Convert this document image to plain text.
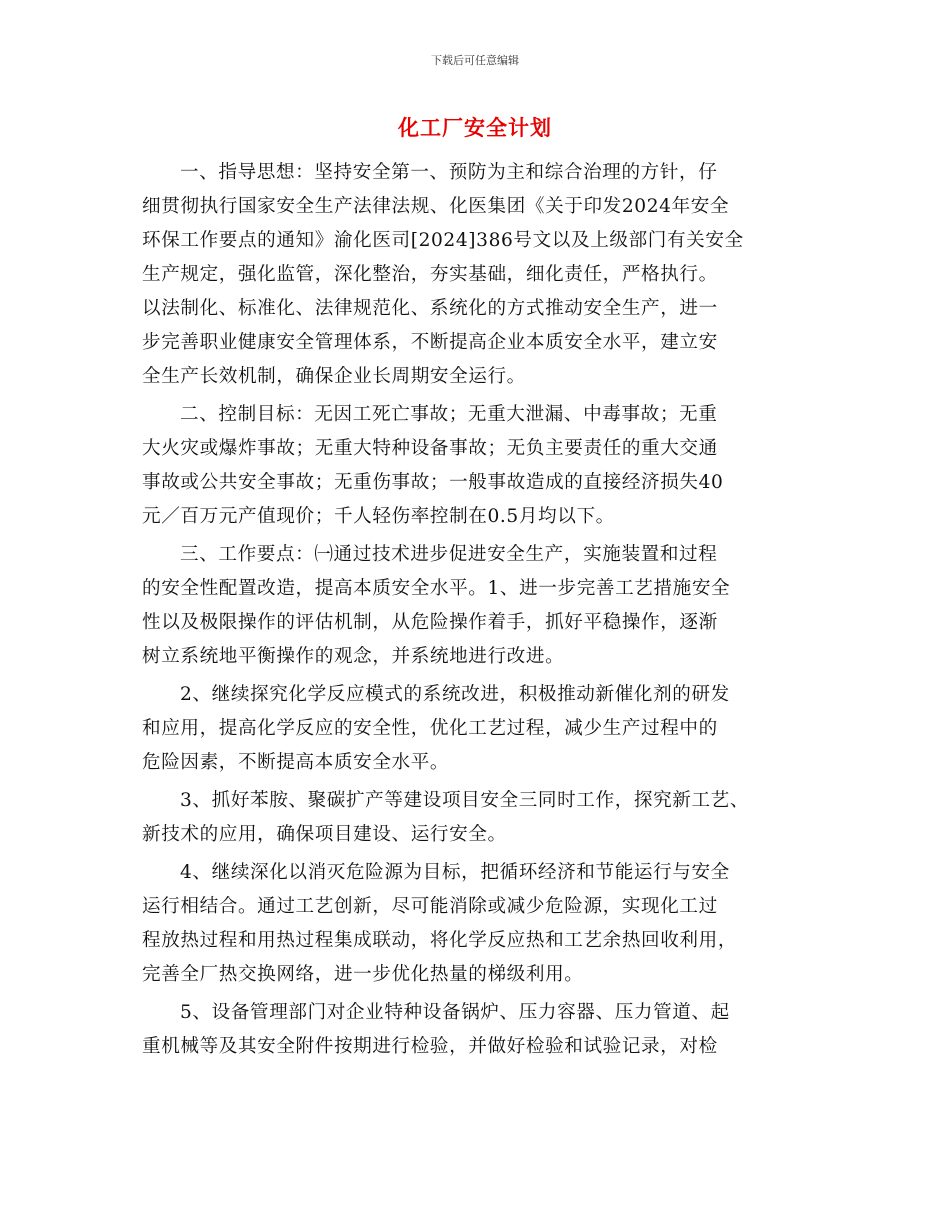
下载后可任意编辑
化工厂安全计划
一、指导思想：坚持安全第一、预防为主和综合治理的方针，仔
细贯彻执行国家安全生产法律法规、化医集团《关于印发2024年安全
环保工作要点的通知》渝化医司[2024]386号文以及上级部门有关安全
生产规定，强化监管，深化整治，夯实基础，细化责任，严格执行。
以法制化、标准化、法律规范化、系统化的方式推动安全生产，进一
步完善职业健康安全管理体系，不断提高企业本质安全水平，建立安
全生产长效机制，确保企业长周期安全运行。
二、控制目标：无因工死亡事故；无重大泄漏、中毒事故；无重
大火灾或爆炸事故；无重大特种设备事故；无负主要责任的重大交通
事故或公共安全事故；无重伤事故；一般事故造成的直接经济损失40
元／百万元产值现价；千人轻伤率控制在0.5月均以下。
三、工作要点：㈠通过技术进步促进安全生产，实施装置和过程
的安全性配置改造，提高本质安全水平。1、进一步完善工艺措施安全
性以及极限操作的评估机制，从危险操作着手，抓好平稳操作，逐渐
树立系统地平衡操作的观念，并系统地进行改进。
2、继续探究化学反应模式的系统改进，积极推动新催化剂的研发
和应用，提高化学反应的安全性，优化工艺过程，减少生产过程中的
危险因素，不断提高本质安全水平。
3、抓好苯胺、聚碳扩产等建设项目安全三同时工作，探究新工艺、
新技术的应用，确保项目建设、运行安全。
4、继续深化以消灭危险源为目标，把循环经济和节能运行与安全
运行相结合。通过工艺创新，尽可能消除或减少危险源，实现化工过
程放热过程和用热过程集成联动，将化学反应热和工艺余热回收利用，
完善全厂热交换网络，进一步优化热量的梯级利用。
5、设备管理部门对企业特种设备锅炉、压力容器、压力管道、起
重机械等及其安全附件按期进行检验，并做好检验和试验记录，对检
